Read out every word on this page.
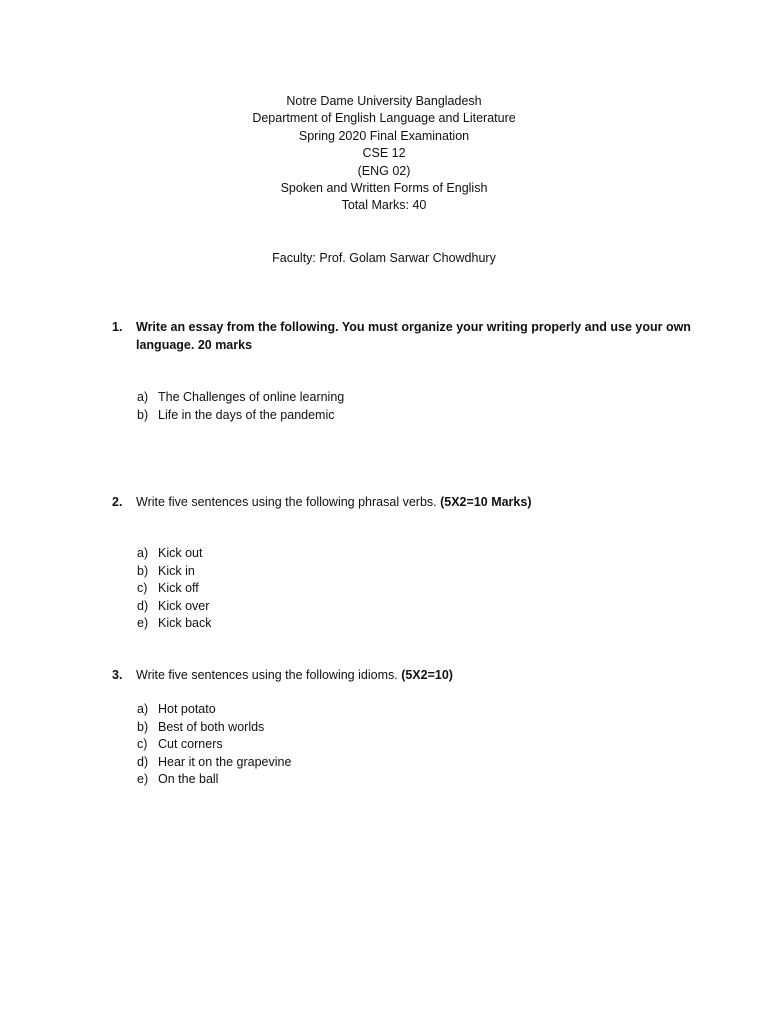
Notre Dame University Bangladesh
Department of English Language and Literature
Spring 2020 Final Examination
CSE 12
(ENG 02)
Spoken and Written Forms of English
Total Marks: 40
Faculty: Prof. Golam Sarwar Chowdhury
1.	Write an essay from the following. You must organize your writing properly and use your own language. 20 marks
a) The Challenges of online learning
b) Life in the days of the pandemic
2.	Write five sentences using the following phrasal verbs. (5X2=10 Marks)
a) Kick out
b) Kick in
c) Kick off
d) Kick over
e) Kick back
3.	Write five sentences using the following idioms. (5X2=10)
a) Hot potato
b) Best of both worlds
c) Cut corners
d) Hear it on the grapevine
e) On the ball
